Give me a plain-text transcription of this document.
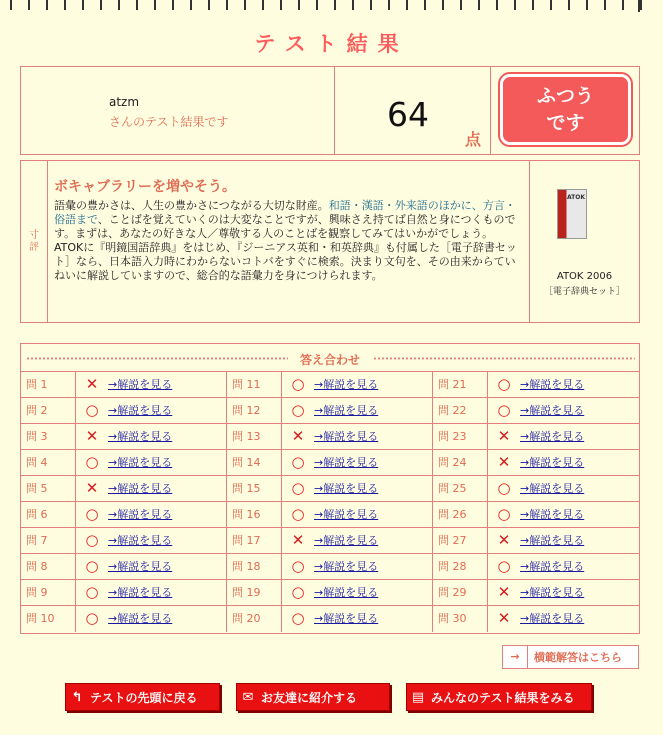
テスト結果
atzm
さんのテスト結果です	64
点
ふつう
です
寸
評
ボキャブラリーを増やそう。
語彙の豊かさは、人生の豊かさにつながる大切な財産。和語・漢語・外来語のほかに、方言・俗語まで、ことばを覚えていくのは大変なことですが、興味さえ持てば自然と身につくものです。まずは、あなたの好きな人／尊敬する人のことばを観察してみてはいかがでしょう。
ATOKに『明鏡国語辞典』をはじめ、『ジーニアス英和・和英辞典』も付属した［電子辞書セット］なら、日本語入力時にわからないコトバをすぐに検索。決まり文句を、その由来からていねいに解説していますので、総合的な語彙力を身につけられます。
ATOK
ATOK 2006
［電子辞典セット］
答え合わせ
問 1	✕ →解説を見る	問 11	○ →解説を見る	問 21	○ →解説を見る
問 2	○ →解説を見る	問 12	○ →解説を見る	問 22	○ →解説を見る
問 3	✕ →解説を見る	問 13	✕ →解説を見る	問 23	✕ →解説を見る
問 4	○ →解説を見る	問 14	○ →解説を見る	問 24	✕ →解説を見る
問 5	✕ →解説を見る	問 15	○ →解説を見る	問 25	○ →解説を見る
問 6	○ →解説を見る	問 16	○ →解説を見る	問 26	○ →解説を見る
問 7	○ →解説を見る	問 17	✕ →解説を見る	問 27	✕ →解説を見る
問 8	○ →解説を見る	問 18	○ →解説を見る	問 28	○ →解説を見る
問 9	○ →解説を見る	問 19	○ →解説を見る	問 29	✕ →解説を見る
問 10	○ →解説を見る	問 20	○ →解説を見る	問 30	✕ →解説を見る
→	横範解答はこちら
↰ テストの先頭に戻る	✉ お友達に紹介する	▤ みんなのテスト結果をみる
